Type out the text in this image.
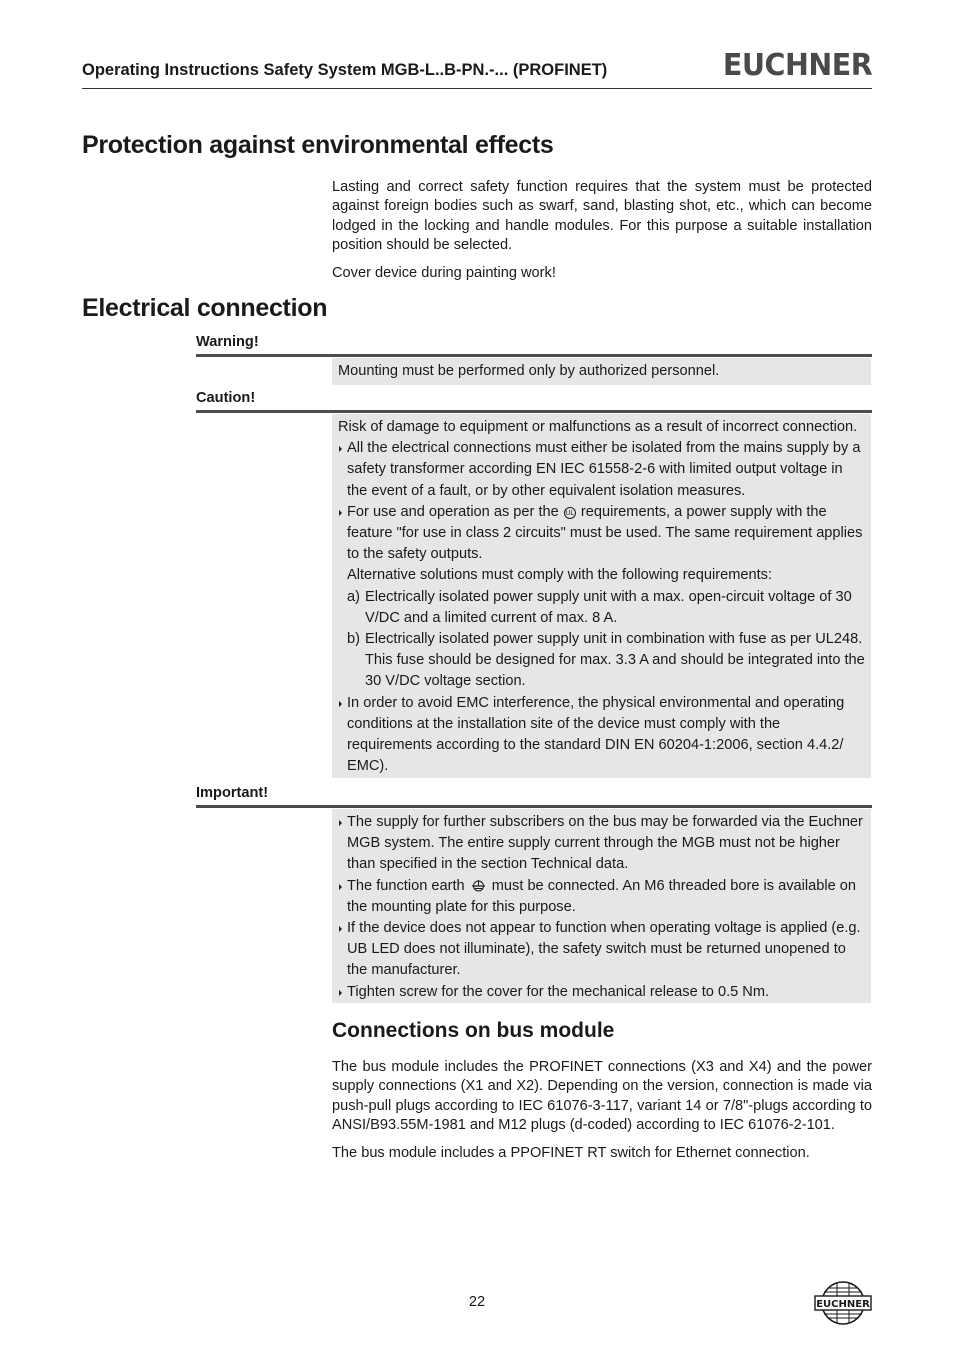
Operating Instructions Safety System MGB-L..B-PN.-... (PROFINET)	EUCHNER
Protection against environmental effects

Lasting and correct safety function requires that the system must be protected against foreign bodies such as swarf, sand, blasting shot, etc., which can become lodged in the locking and handle modules. For this purpose a suitable installation position should be selected.

Cover device during painting work!

Electrical connection
Warning!

Mounting must be performed only by authorized personnel.

Caution!

Risk of damage to equipment or malfunctions as a result of incorrect connection.

All the electrical connections must either be isolated from the mains supply by a safety transformer according EN IEC 61558-2-6 with limited output voltage in the event of a fault, or by other equivalent isolation measures.

For use and operation as per the UL requirements, a power supply with the feature "for use in class 2 circuits" must be used. The same requirement applies to the safety outputs.

Alternative solutions must comply with the following requirements:

a) Electrically isolated power supply unit with a max. open-circuit voltage of 30 V/DC and a limited current of max. 8 A.

b) Electrically isolated power supply unit in combination with fuse as per UL248. This fuse should be designed for max. 3.3 A and should be integrated into the 30 V/DC voltage section.

In order to avoid EMC interference, the physical environmental and operating conditions at the installation site of the device must comply with the requirements according to the standard DIN EN 60204-1:2006, section 4.4.2/ EMC).

Important!

The supply for further subscribers on the bus may be forwarded via the Euchner MGB system. The entire supply current through the MGB must not be higher than specified in the section Technical data.

The function earth must be connected. An M6 threaded bore is available on the mounting plate for this purpose.

If the device does not appear to function when operating voltage is applied (e.g. UB LED does not illuminate), the safety switch must be returned unopened to the manufacturer.

Tighten screw for the cover for the mechanical release to 0.5 Nm.

Connections on bus module

The bus module includes the PROFINET connections (X3 and X4) and the power supply connections (X1 and X2). Depending on the version, connection is made via push-pull plugs according to IEC 61076-3-117, variant 14 or 7/8"-plugs according to ANSI/B93.55M-1981 and M12 plugs (d-coded) according to IEC 61076-2-101.

The bus module includes a PPOFINET RT switch for Ethernet connection.

22	EUCHNER
